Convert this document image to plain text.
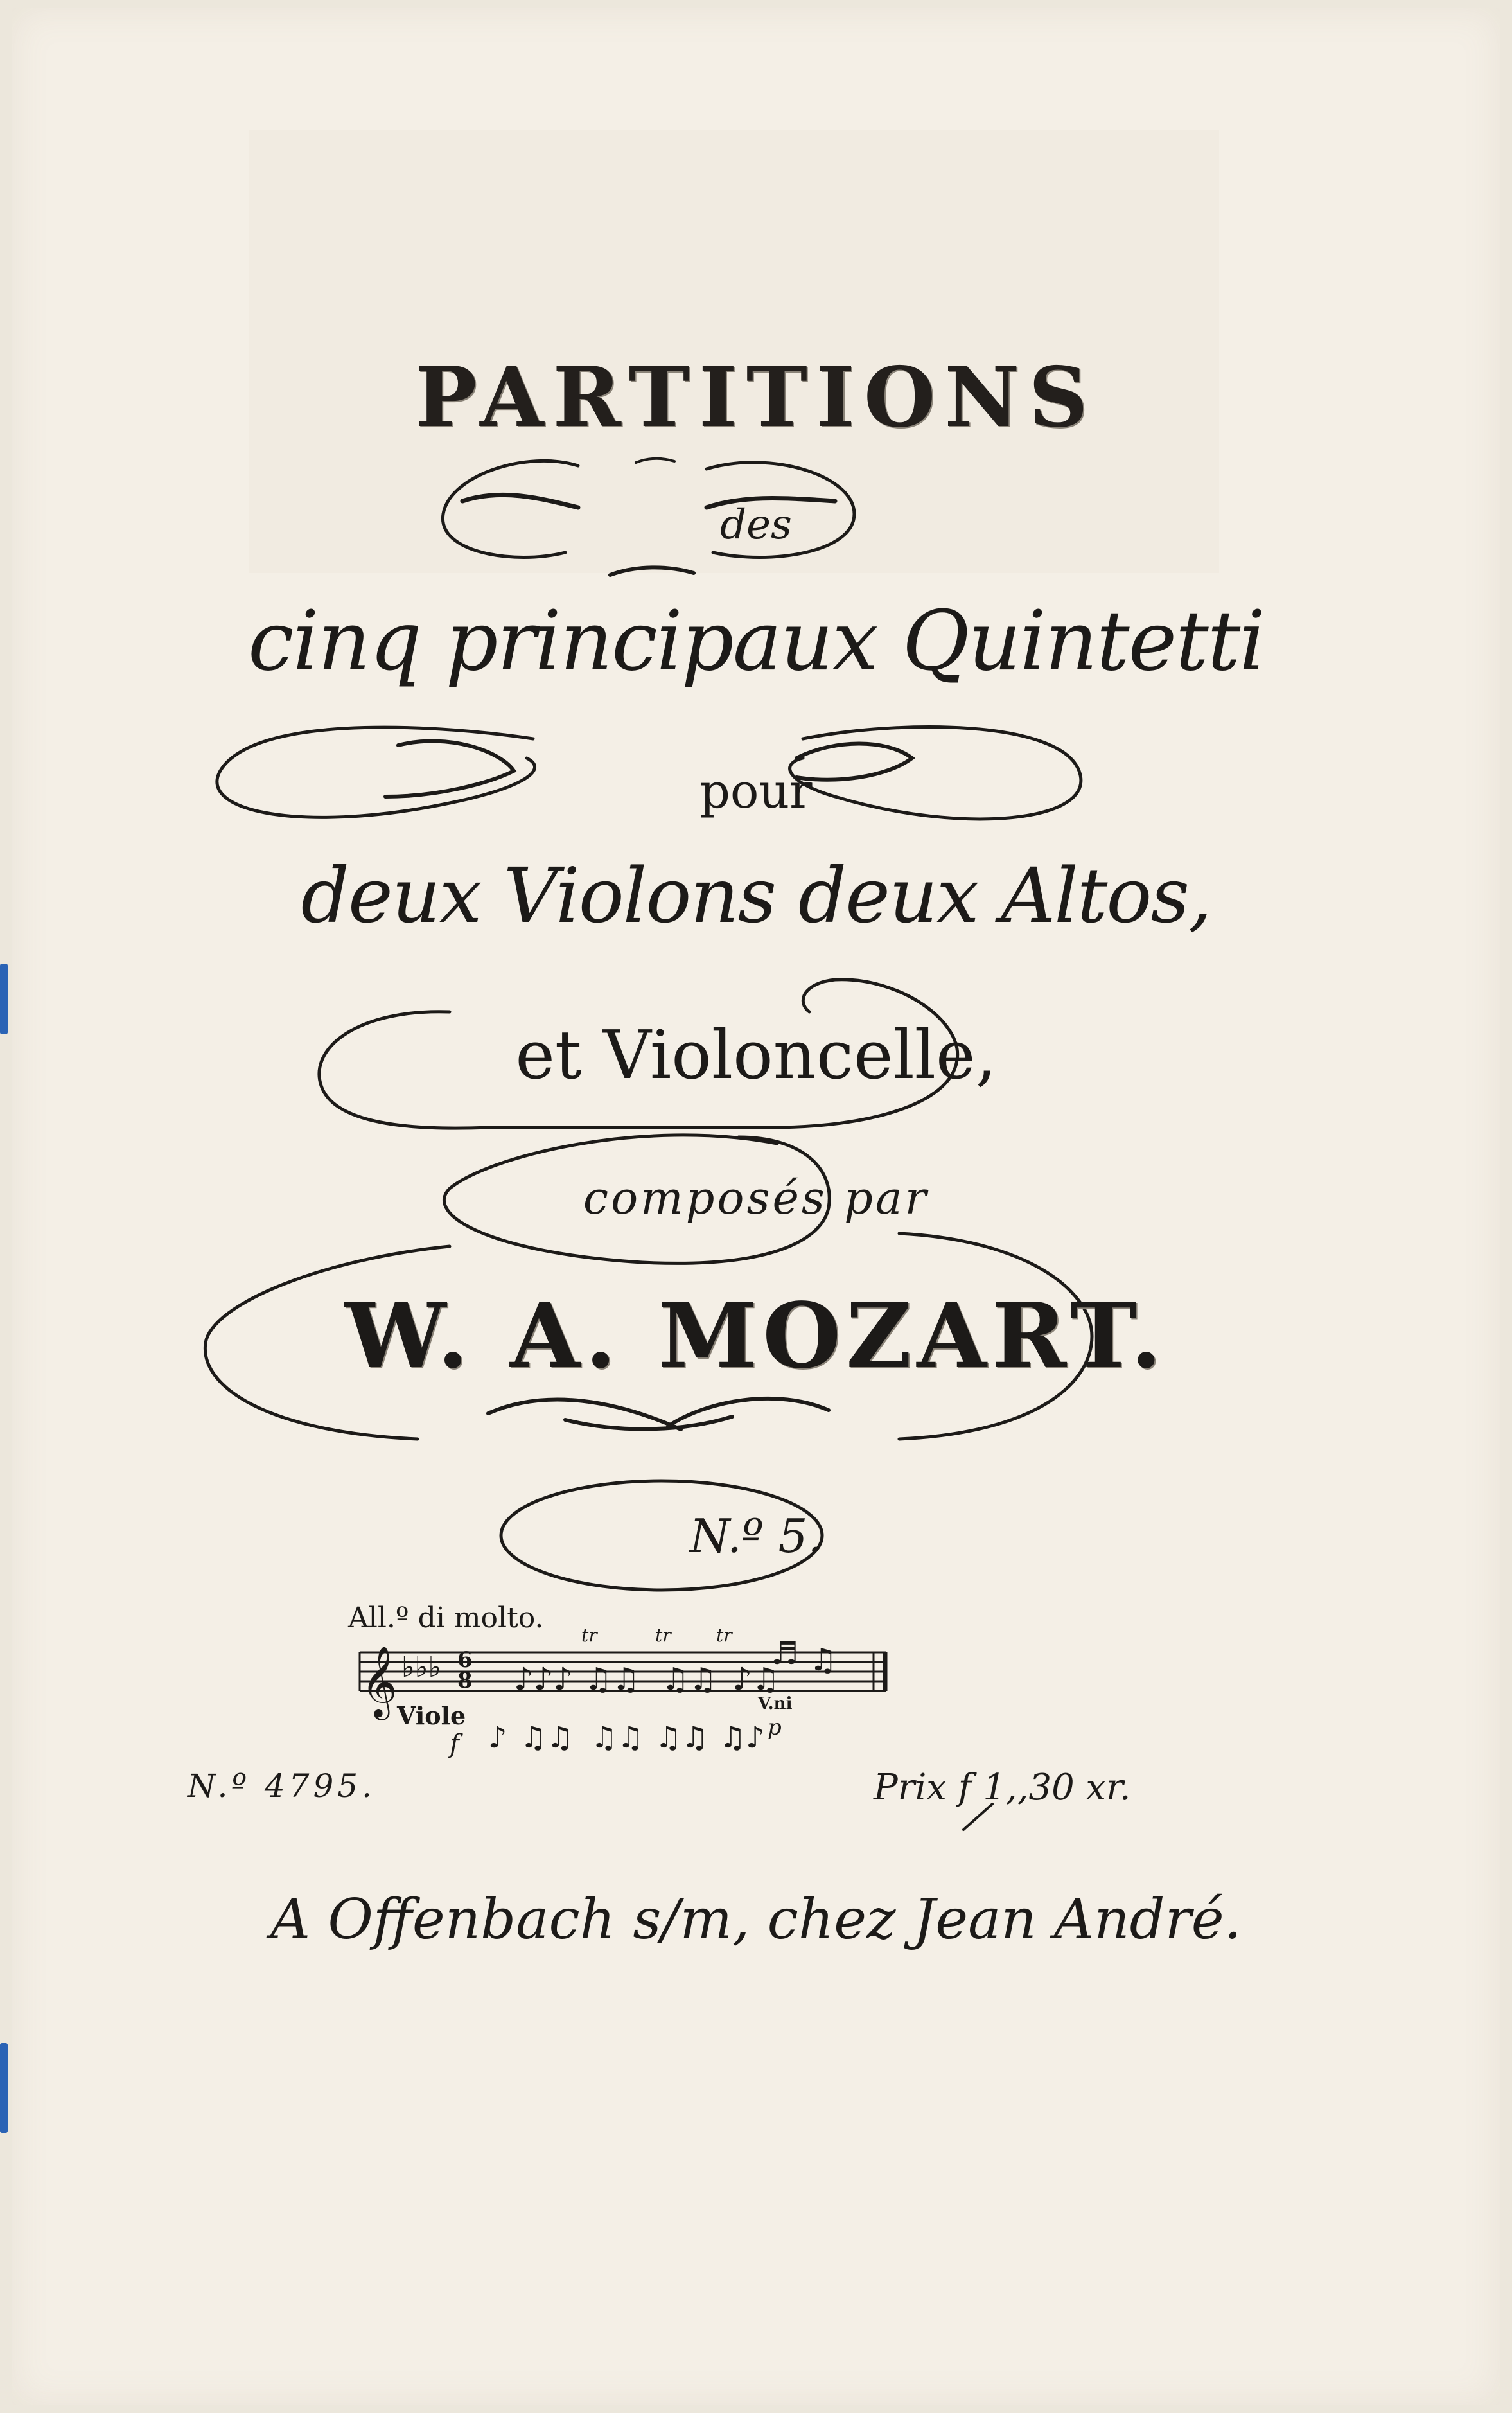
PARTITIONS
des
cinq principaux Quintetti
pour
deux Violons deux Altos,
et Violoncelle,
composés par
W. A. MOZART.
N.º 5.
All.º di molto.
Viole
𝄞 ♭♭♭ 6
8 ♪♪♪ ♫♫ ♫♫ ♪♫
♬ ♫
tr	tr	tr
♪ ♫♫ ♫♫ ♫♫ ♫♪
f
p
V.ni
N.º 4795.	Prix f 1,,30 xr.
A Offenbach s/m, chez Jean André.
